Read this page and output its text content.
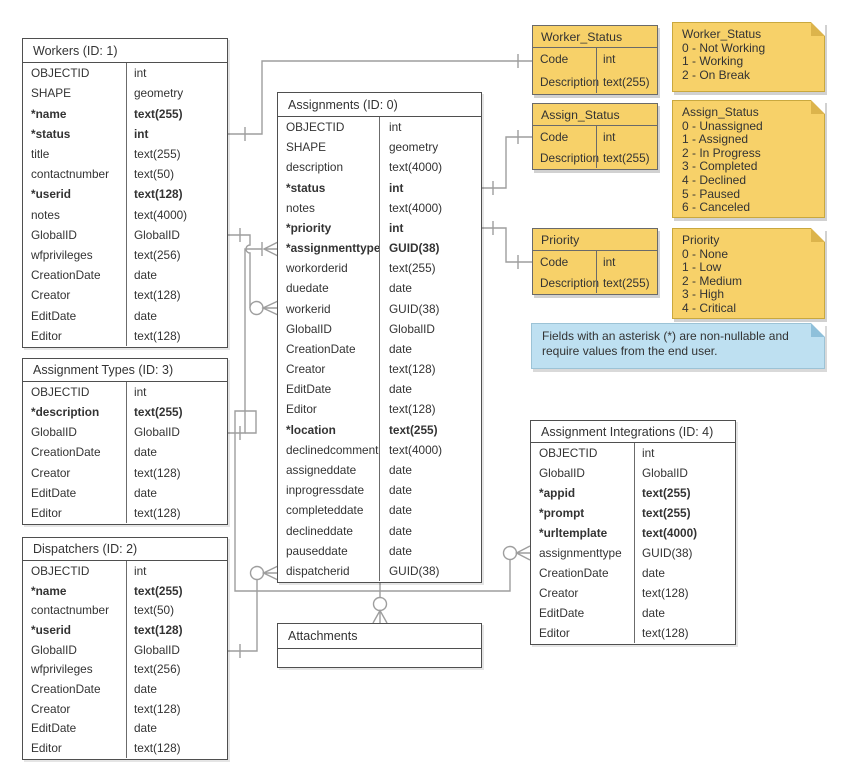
Workers (ID: 1)
OBJECTID	int
SHAPE	geometry
*name	text(255)
*status	int
title	text(255)
contactnumber	text(50)
*userid	text(128)
notes	text(4000)
GlobalID	GlobalID
wfprivileges	text(256)
CreationDate	date
Creator	text(128)
EditDate	date
Editor	text(128)
Assignment Types (ID: 3)
OBJECTID	int
*description	text(255)
GlobalID	GlobalID
CreationDate	date
Creator	text(128)
EditDate	date
Editor	text(128)
Dispatchers (ID: 2)
OBJECTID	int
*name	text(255)
contactnumber	text(50)
*userid	text(128)
GlobalID	GlobalID
wfprivileges	text(256)
CreationDate	date
Creator	text(128)
EditDate	date
Editor	text(128)
Assignments (ID: 0)
OBJECTID	int
SHAPE	geometry
description	text(4000)
*status	int
notes	text(4000)
*priority	int
*assignmenttype GUID(38)
workorderid	text(255)
duedate	date
workerid	GUID(38)
GlobalID	GlobalID
CreationDate	date
Creator	text(128)
EditDate	date
Editor	text(128)
*location	text(255)
declinedcomment text(4000)
assigneddate	date
inprogressdate	date
completeddate	date
declineddate	date
pauseddate	date
dispatcherid	GUID(38)
Attachments
Assignment Integrations (ID: 4)
OBJECTID	int
GlobalID	GlobalID
*appid	text(255)
*prompt	text(255)
*urltemplate	text(4000)
assignmenttype	GUID(38)
CreationDate	date
Creator	text(128)
EditDate	date
Editor	text(128)
Worker_Status
Code	int
Description text(255)
Assign_Status
Code	int
Description text(255)
Priority
Code	int
Description text(255)
Worker_Status
0 - Not Working
1 - Working
2 - On Break
Assign_Status
0 - Unassigned
1 - Assigned
2 - In Progress
3 - Completed
4 - Declined
5 - Paused
6 - Canceled
Priority
0 - None
1 - Low
2 - Medium
3 - High
4 - Critical
Fields with an asterisk (*) are non-nullable and require values from the end user.
